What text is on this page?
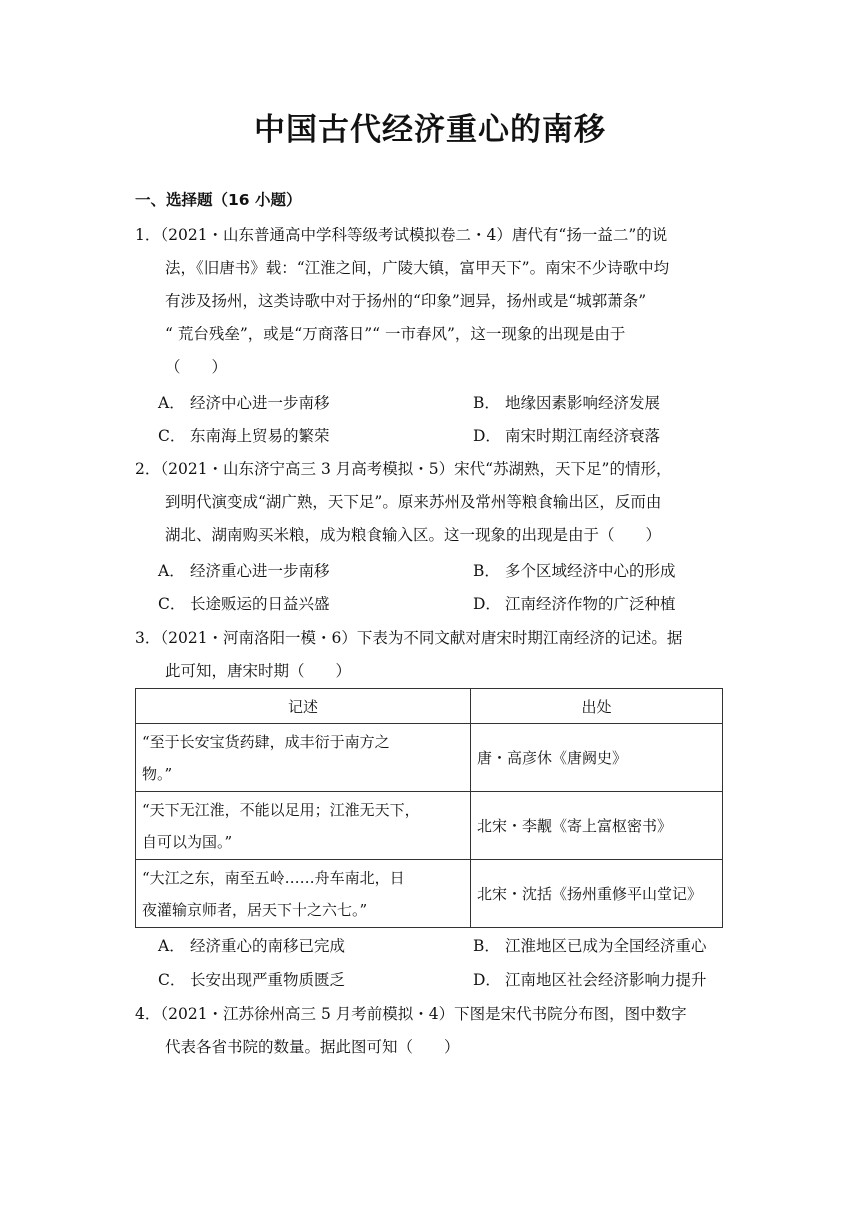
中国古代经济重心的南移
一、选择题（16 小题）
1．（2021・山东普通高中学科等级考试模拟卷二・4）唐代有“扬一益二”的说
法，《旧唐书》载：“江淮之间，广陵大镇，富甲天下”。南宋不少诗歌中均
有涉及扬州，这类诗歌中对于扬州的“印象”迥异，扬州或是“城郭萧条”
“ 荒台残垒”，或是“万商落日”“ 一市春风”，这一现象的出现是由于
（　　）
A． 经济中心进一步南移	B． 地缘因素影响经济发展
C． 东南海上贸易的繁荣	D． 南宋时期江南经济衰落
2．（2021・山东济宁高三 3 月高考模拟・5）宋代“苏湖熟，天下足”的情形，
到明代演变成“湖广熟，天下足”。原来苏州及常州等粮食输出区，反而由
湖北、湖南购买米粮，成为粮食输入区。这一现象的出现是由于（　　）
A． 经济重心进一步南移	B． 多个区域经济中心的形成
C． 长途贩运的日益兴盛	D． 江南经济作物的广泛种植
3．（2021・河南洛阳一模・6）下表为不同文献对唐宋时期江南经济的记述。据
此可知，唐宋时期（　　）
记述	出处
“至于长安宝货药肆，成丰衍于南方之
物。”	唐・高彦休《唐阙史》
“天下无江淮，不能以足用；江淮无天下，
自可以为国。”	北宋・李觏《寄上富枢密书》
“大江之东，南至五岭……舟车南北，日
夜灌输京师者，居天下十之六七。”	北宋・沈括《扬州重修平山堂记》
A． 经济重心的南移已完成	B． 江淮地区已成为全国经济重心
C． 长安出现严重物质匮乏	D． 江南地区社会经济影响力提升
4．（2021・江苏徐州高三 5 月考前模拟・4）下图是宋代书院分布图，图中数字
代表各省书院的数量。据此图可知（　　）
